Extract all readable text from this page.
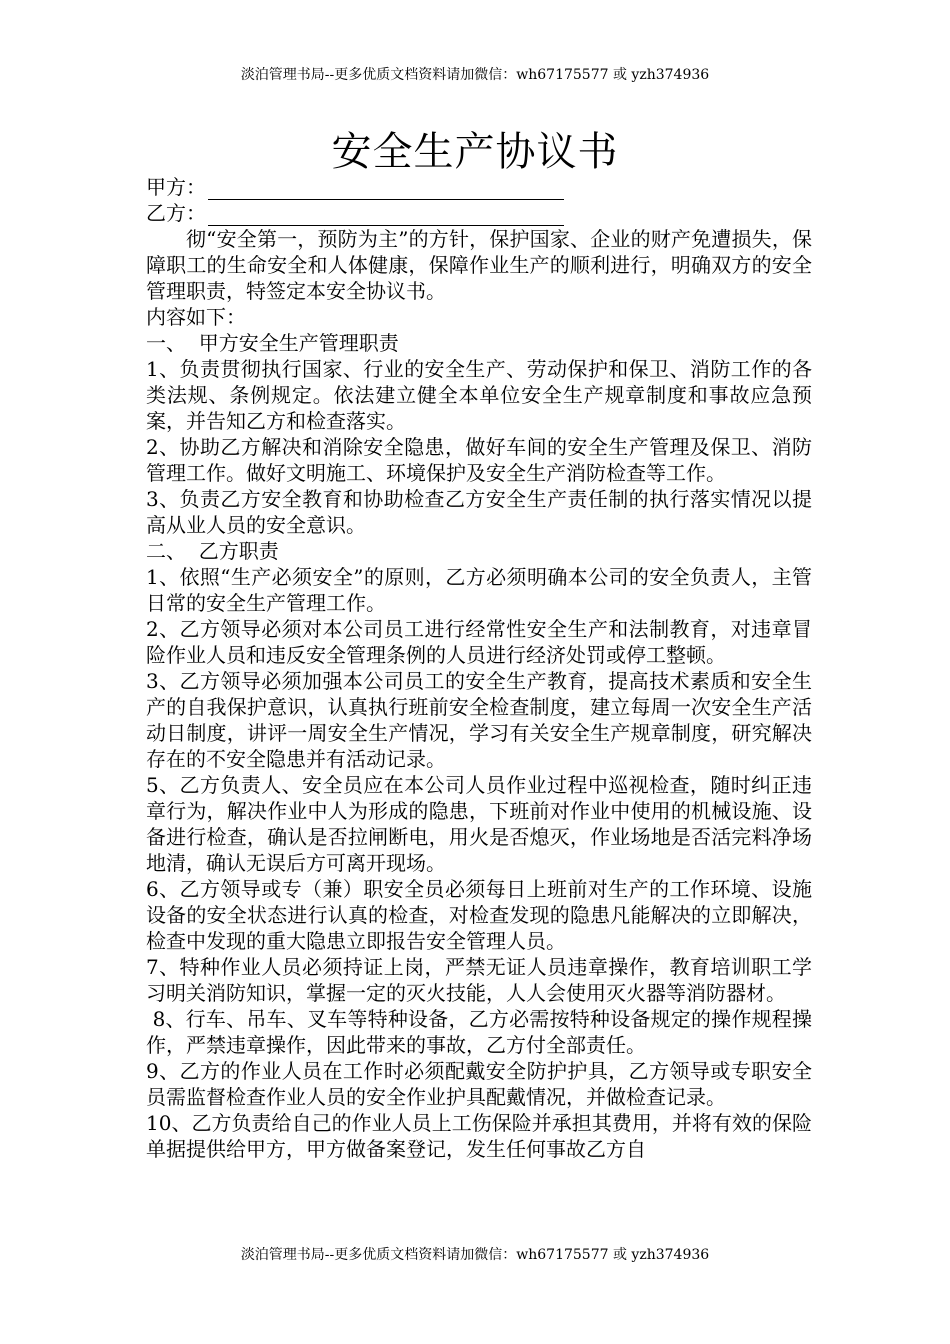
淡泊管理书局--更多优质文档资料请加微信：wh67175577 或 yzh374936
安全生产协议书
甲方：
乙方：

彻“安全第一，预防为主”的方针，保护国家、企业的财产免遭损失，保障职工的生命安全和人体健康，保障作业生产的顺利进行，明确双方的安全管理职责，特签定本安全协议书。

内容如下：

一、  甲方安全生产管理职责

1、负责贯彻执行国家、行业的安全生产、劳动保护和保卫、消防工作的各类法规、条例规定。依法建立健全本单位安全生产规章制度和事故应急预案，并告知乙方和检查落实。

2、协助乙方解决和消除安全隐患，做好车间的安全生产管理及保卫、消防管理工作。做好文明施工、环境保护及安全生产消防检查等工作。

3、负责乙方安全教育和协助检查乙方安全生产责任制的执行落实情况以提高从业人员的安全意识。

二、  乙方职责

1、依照“生产必须安全”的原则，乙方必须明确本公司的安全负责人，主管日常的安全生产管理工作。

2、乙方领导必须对本公司员工进行经常性安全生产和法制教育，对违章冒险作业人员和违反安全管理条例的人员进行经济处罚或停工整顿。

3、乙方领导必须加强本公司员工的安全生产教育，提高技术素质和安全生产的自我保护意识，认真执行班前安全检查制度，建立每周一次安全生产活动日制度，讲评一周安全生产情况，学习有关安全生产规章制度，研究解决存在的不安全隐患并有活动记录。

5、乙方负责人、安全员应在本公司人员作业过程中巡视检查，随时纠正违章行为，解决作业中人为形成的隐患，下班前对作业中使用的机械设施、设备进行检查，确认是否拉闸断电，用火是否熄灭，作业场地是否活完料净场地清，确认无误后方可离开现场。

6、乙方领导或专（兼）职安全员必须每日上班前对生产的工作环境、设施设备的安全状态进行认真的检查，对检查发现的隐患凡能解决的立即解决，检查中发现的重大隐患立即报告安全管理人员。

7、特种作业人员必须持证上岗，严禁无证人员违章操作，教育培训职工学习明关消防知识，掌握一定的灭火技能，人人会使用灭火器等消防器材。

8、行车、吊车、叉车等特种设备，乙方必需按特种设备规定的操作规程操作，严禁违章操作，因此带来的事故，乙方付全部责任。

9、乙方的作业人员在工作时必须配戴安全防护护具，乙方领导或专职安全员需监督检查作业人员的安全作业护具配戴情况，并做检查记录。

10、乙方负责给自己的作业人员上工伤保险并承担其费用，并将有效的保险单据提供给甲方，甲方做备案登记，发生任何事故乙方自

淡泊管理书局--更多优质文档资料请加微信：wh67175577 或 yzh374936
